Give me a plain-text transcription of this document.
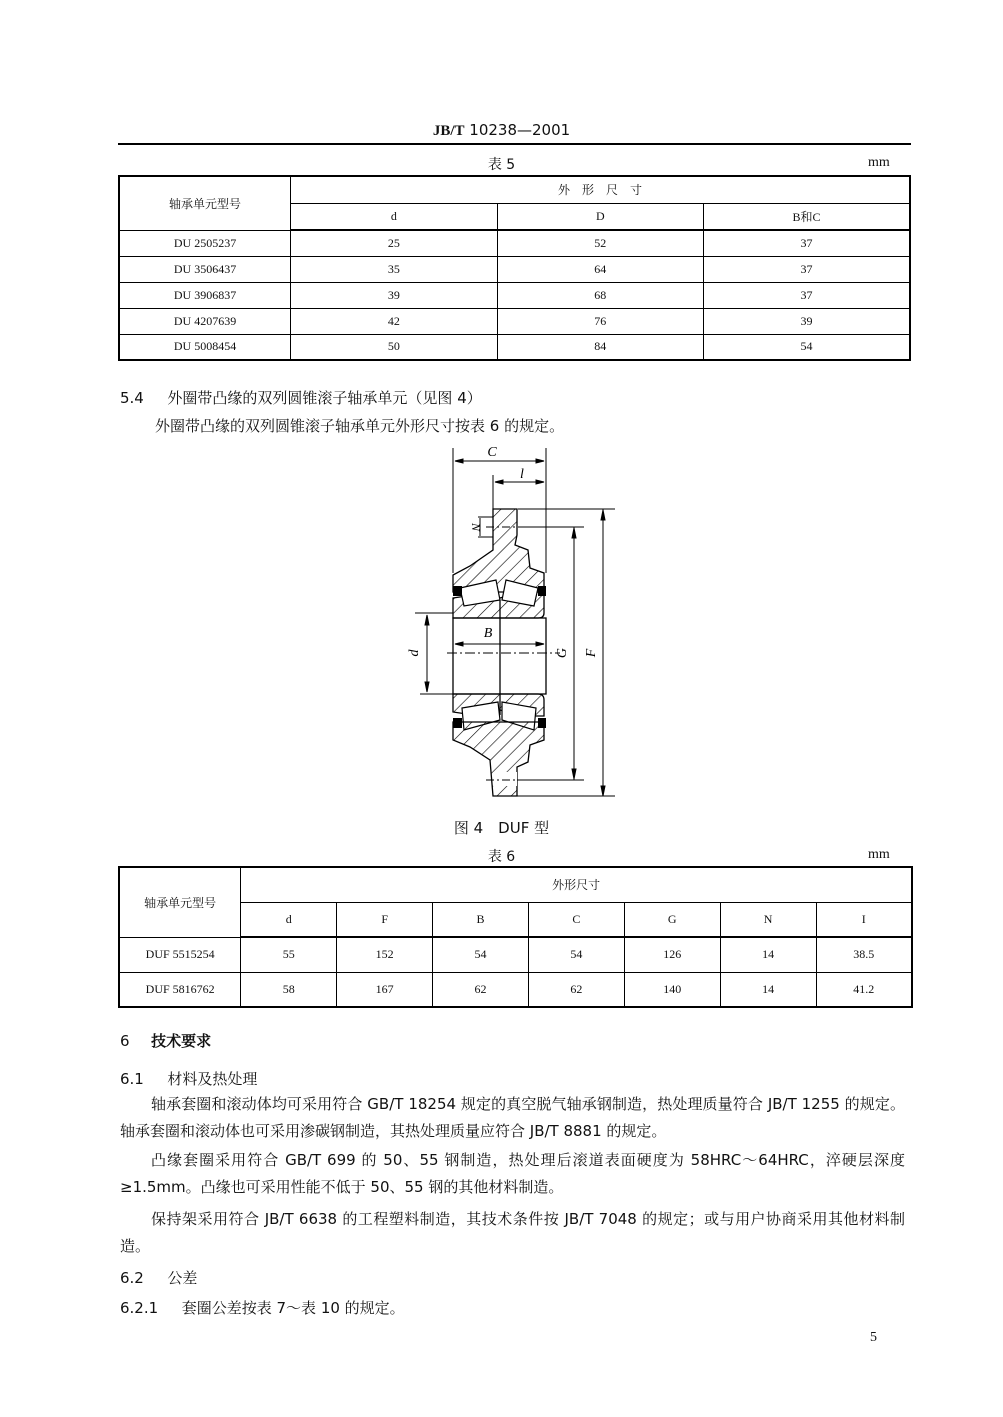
JB/T 10238—2001
表 5	mm
轴承单元型号	外　形　尺　寸		
	d	D	B和C
DU 2505237	25	52	37
DU 3506437	35	64	37
DU 3906837	39	68	37
DU 4207639	42	76	39
DU 5008454	50	84	54
5.4 外圈带凸缘的双列圆锥滚子轴承单元（见图 4）
外圈带凸缘的双列圆锥滚子轴承单元外形尺寸按表 6 的规定。
C
l
N
B
d	G F
图 4　DUF 型
表 6	mm
轴承单元型号	外形尺寸						
	d	F	B	C	G	N	I
DUF 5515254	55	152	54	54	126	14	38.5
DUF 5816762	58	167	62	62	140	14	41.2
6 技术要求
6.1 材料及热处理
轴承套圈和滚动体均可采用符合 GB/T 18254 规定的真空脱气轴承钢制造，热处理质量符合 JB/T 1255 的规定。轴承套圈和滚动体也可采用渗碳钢制造，其热处理质量应符合 JB/T 8881 的规定。
凸缘套圈采用符合 GB/T 699 的 50、55 钢制造，热处理后滚道表面硬度为 58HRC～64HRC，淬硬层深度≥1.5mm。凸缘也可采用性能不低于 50、55 钢的其他材料制造。
保持架采用符合 JB/T 6638 的工程塑料制造，其技术条件按 JB/T 7048 的规定；或与用户协商采用其他材料制造。
6.2 公差
6.2.1 套圈公差按表 7～表 10 的规定。
5
